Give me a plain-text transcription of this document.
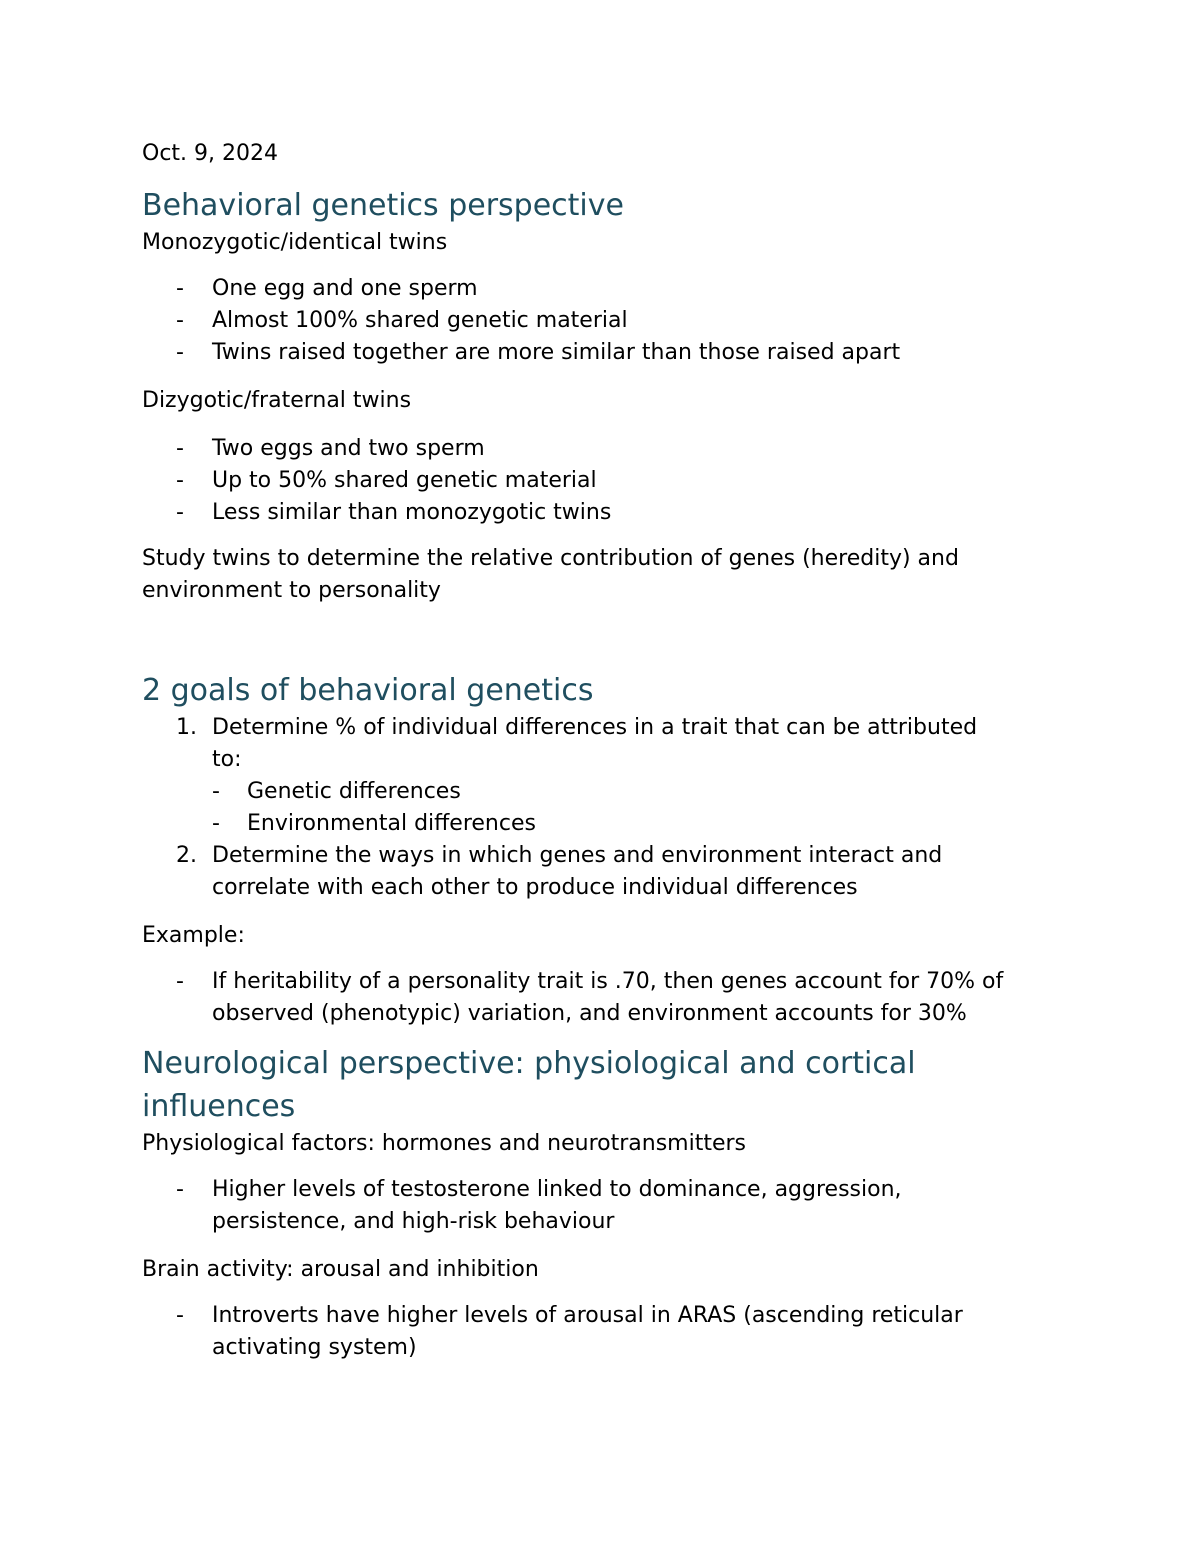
Oct. 9, 2024
Behavioral genetics perspective
Monozygotic/identical twins
- One egg and one sperm
- Almost 100% shared genetic material
- Twins raised together are more similar than those raised apart
Dizygotic/fraternal twins
- Two eggs and two sperm
- Up to 50% shared genetic material
- Less similar than monozygotic twins
Study twins to determine the relative contribution of genes (heredity) and
environment to personality
2 goals of behavioral genetics
1. Determine % of individual differences in a trait that can be attributed
to:
- Genetic differences
- Environmental differences
2. Determine the ways in which genes and environment interact and
correlate with each other to produce individual differences
Example:
- If heritability of a personality trait is .70, then genes account for 70% of
observed (phenotypic) variation, and environment accounts for 30%
Neurological perspective: physiological and cortical
influences
Physiological factors: hormones and neurotransmitters
- Higher levels of testosterone linked to dominance, aggression,
persistence, and high-risk behaviour
Brain activity: arousal and inhibition
- Introverts have higher levels of arousal in ARAS (ascending reticular
activating system)
